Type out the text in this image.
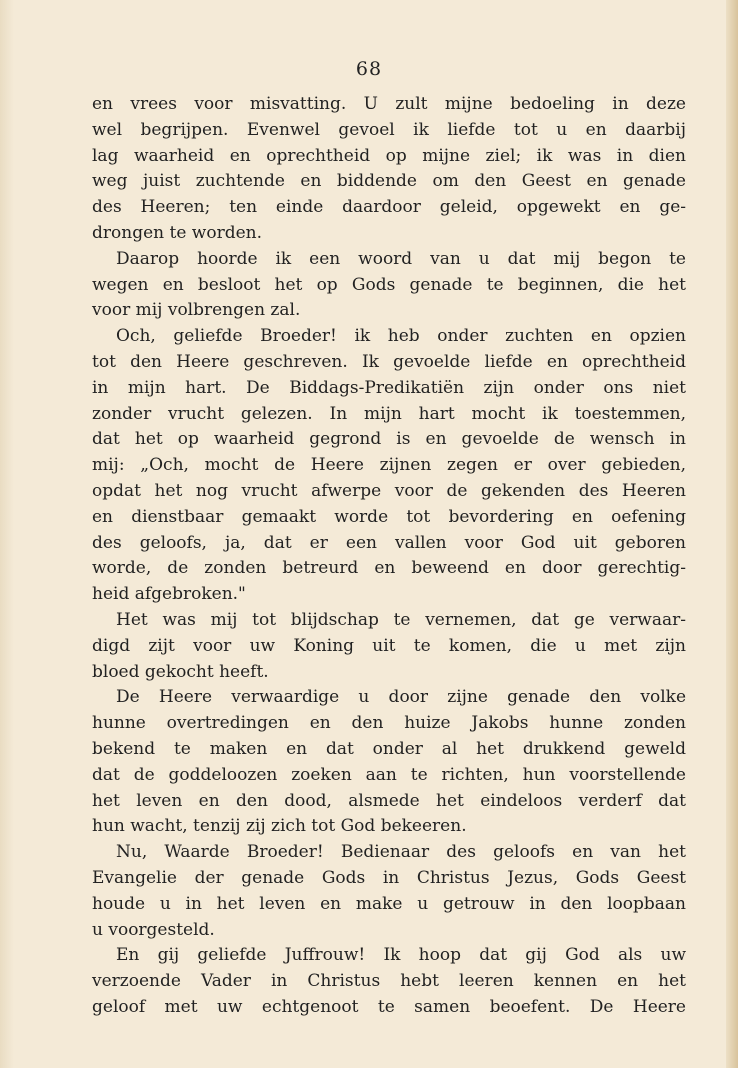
68
en vrees voor misvatting. U zult mijne bedoeling in deze
wel begrijpen. Evenwel gevoel ik liefde tot u en daarbij
lag waarheid en oprechtheid op mijne ziel; ik was in dien
weg juist zuchtende en biddende om den Geest en genade
des Heeren; ten einde daardoor geleid, opgewekt en ge-
drongen te worden.
Daarop hoorde ik een woord van u dat mij begon te
wegen en besloot het op Gods genade te beginnen, die het
voor mij volbrengen zal.
Och, geliefde Broeder! ik heb onder zuchten en opzien
tot den Heere geschreven. Ik gevoelde liefde en oprechtheid
in mijn hart. De Biddags-Predikatiën zijn onder ons niet
zonder vrucht gelezen. In mijn hart mocht ik toestemmen,
dat het op waarheid gegrond is en gevoelde de wensch in
mij: „Och, mocht de Heere zijnen zegen er over gebieden,
opdat het nog vrucht afwerpe voor de gekenden des Heeren
en dienstbaar gemaakt worde tot bevordering en oefening
des geloofs, ja, dat er een vallen voor God uit geboren
worde, de zonden betreurd en beweend en door gerechtig-
heid afgebroken."
Het was mij tot blijdschap te vernemen, dat ge verwaar-
digd zijt voor uw Koning uit te komen, die u met zijn
bloed gekocht heeft.
De Heere verwaardige u door zijne genade den volke
hunne overtredingen en den huize Jakobs hunne zonden
bekend te maken en dat onder al het drukkend geweld
dat de goddeloozen zoeken aan te richten, hun voorstellende
het leven en den dood, alsmede het eindeloos verderf dat
hun wacht, tenzij zij zich tot God bekeeren.
Nu, Waarde Broeder! Bedienaar des geloofs en van het
Evangelie der genade Gods in Christus Jezus, Gods Geest
houde u in het leven en make u getrouw in den loopbaan
u voorgesteld.
En gij geliefde Juffrouw! Ik hoop dat gij God als uw
verzoende Vader in Christus hebt leeren kennen en het
geloof met uw echtgenoot te samen beoefent. De Heere
